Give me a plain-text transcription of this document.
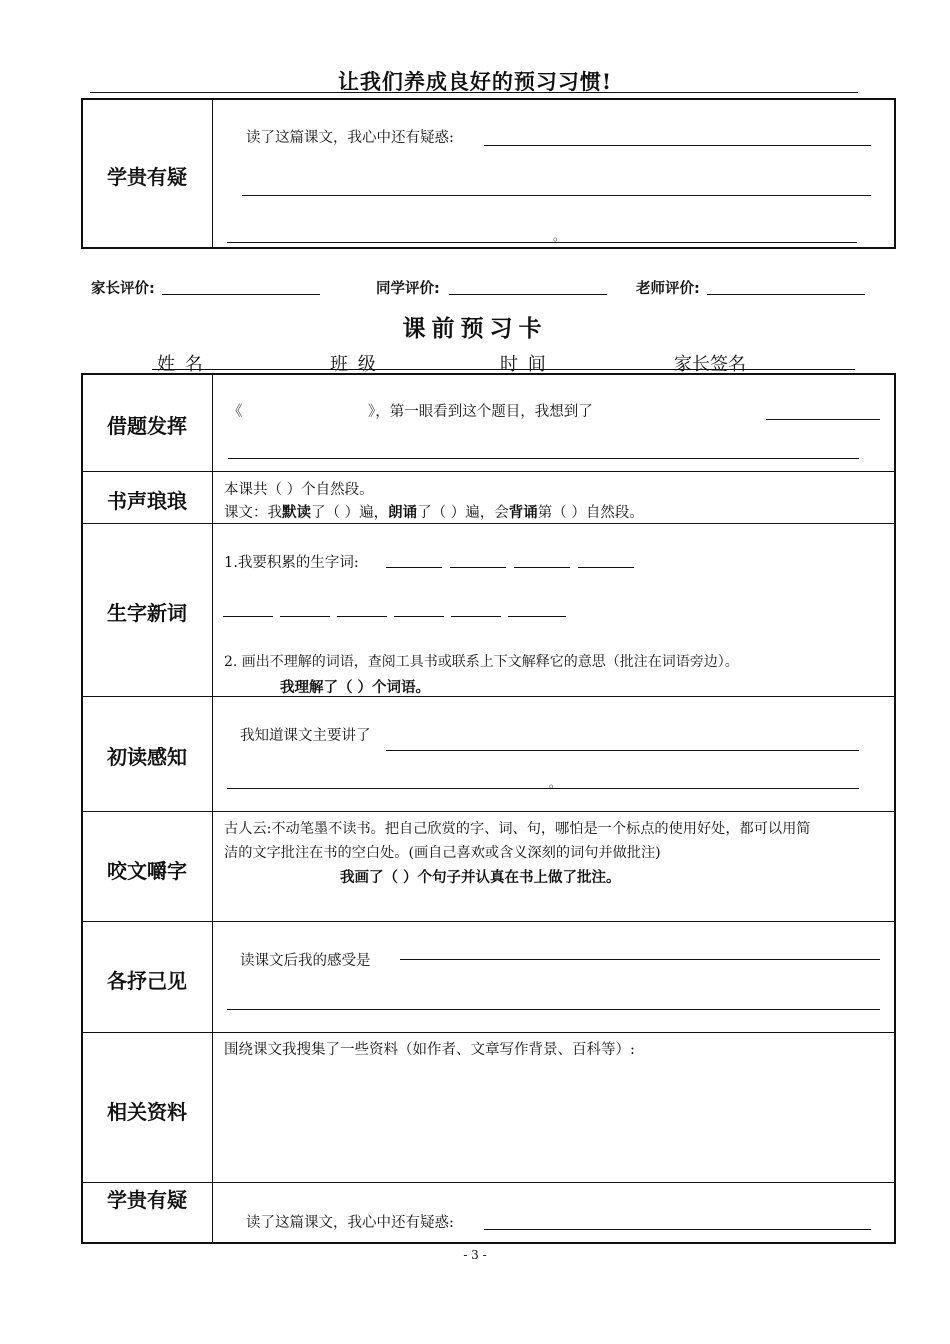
让我们养成良好的预习习惯!
学贵有疑
读了这篇课文，我心中还有疑惑:
。
家长评价:	同学评价:	老师评价:
课前预习卡
姓 名	班 级	时 间	家长签名
借题发挥
《	》，第一眼看到这个题目，我想到了
书声琅琅	本课共（ ）个自然段。
课文：我默读了（ ）遍，朗诵了（ ）遍，会背诵第（ ）自然段。
生字新词
1.我要积累的生字词:
2. 画出不理解的词语，查阅工具书或联系上下文解释它的意思（批注在词语旁边）。
我理解了（ ）个词语。
初读感知
我知道课文主要讲了
。
咬文嚼字
古人云:不动笔墨不读书。把自己欣赏的字、词、句，哪怕是一个标点的使用好处，都可以用简
洁的文字批注在书的空白处。(画自己喜欢或含义深刻的词句并做批注)
我画了（ ）个句子并认真在书上做了批注。
各抒己见
读课文后我的感受是
相关资料
围绕课文我搜集了一些资料（如作者、文章写作背景、百科等）:
学贵有疑
读了这篇课文，我心中还有疑惑:
- 3 -
